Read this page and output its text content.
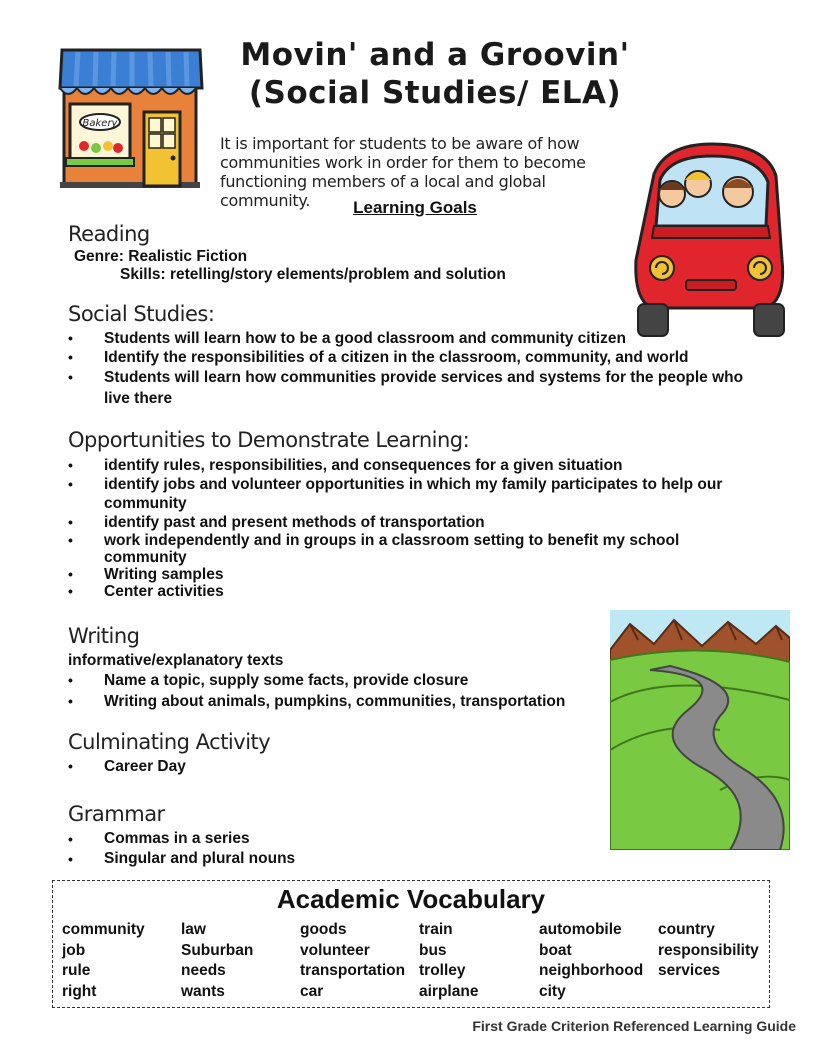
Bakery
Movin' and a Groovin'
(Social Studies/ ELA)
It is important for students to be aware of how
communities work in order for them to become
functioning members of a local and global community.	Learning Goals
Reading
Genre: Realistic Fiction
Skills: retelling/story elements/problem and solution
Social Studies:
• Students will learn how to be a good classroom and community citizen
• Identify the responsibilities of a citizen in the classroom, community, and world
• Students will learn how communities provide services and systems for the people who live there
Opportunities to Demonstrate Learning:
• identify rules, responsibilities, and consequences for a given situation
• identify jobs and volunteer opportunities in which my family participates to help our community
• identify past and present methods of transportation
• work independently and in groups in a classroom setting to benefit my school community
• Writing samples
• Center activities
Writing
informative/explanatory texts
• Name a topic, supply some facts, provide closure
• Writing about animals, pumpkins, communities, transportation
Culminating Activity
• Career Day
Grammar
• Commas in a series
• Singular and plural nouns
Academic Vocabulary
community
job
rule
right
law
Suburban
needs
wants
goods
volunteer
transportation
car
train
bus
trolley
airplane
automobile
boat
neighborhood
city
country
responsibility
services
First Grade Criterion Referenced Learning Guide
